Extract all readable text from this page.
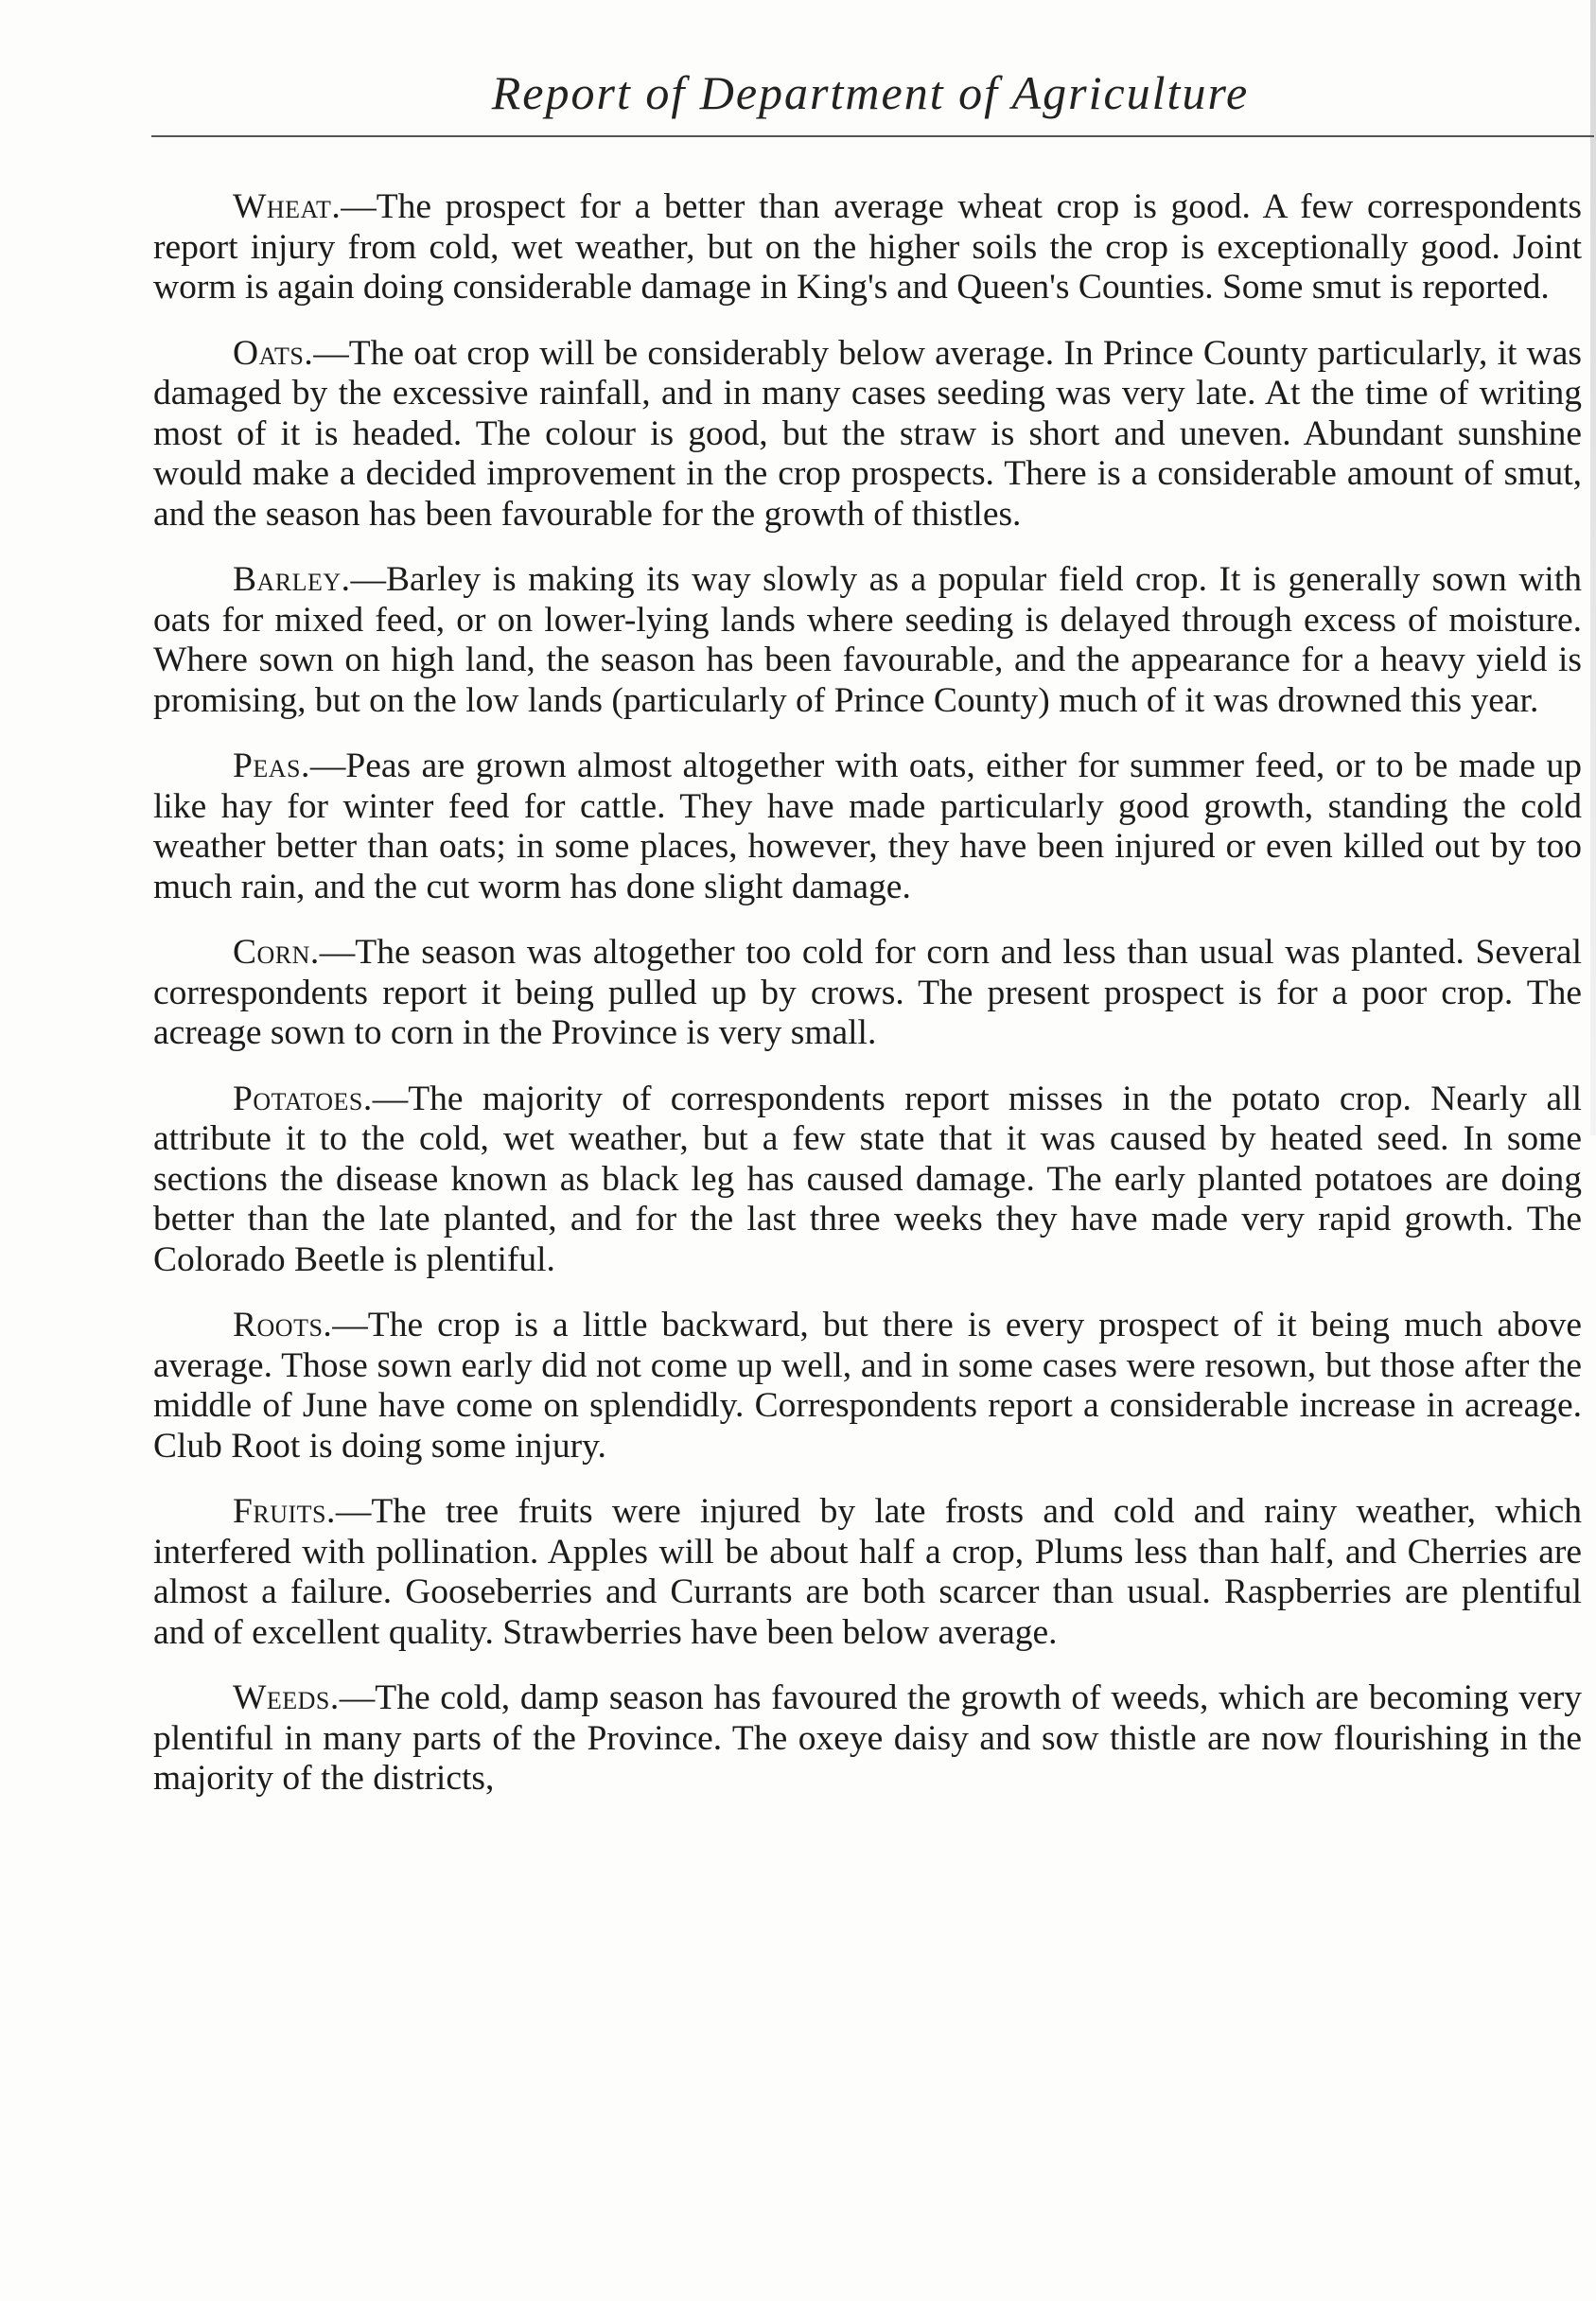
Report of Department of Agriculture

Wheat.—The prospect for a better than average wheat crop is good. A few correspondents report injury from cold, wet weather, but on the higher soils the crop is exceptionally good. Joint worm is again doing considerable damage in King's and Queen's Counties. Some smut is reported.

Oats.—The oat crop will be considerably below average. In Prince County particularly, it was damaged by the excessive rainfall, and in many cases seeding was very late. At the time of writing most of it is headed. The colour is good, but the straw is short and uneven. Abundant sunshine would make a decided improvement in the crop prospects. There is a considerable amount of smut, and the season has been favourable for the growth of thistles.

Barley.—Barley is making its way slowly as a popular field crop. It is generally sown with oats for mixed feed, or on lower-lying lands where seeding is delayed through excess of moisture. Where sown on high land, the season has been favourable, and the appearance for a heavy yield is promising, but on the low lands (particularly of Prince County) much of it was drowned this year.

Peas.—Peas are grown almost altogether with oats, either for summer feed, or to be made up like hay for winter feed for cattle. They have made particularly good growth, standing the cold weather better than oats; in some places, however, they have been injured or even killed out by too much rain, and the cut worm has done slight damage.

Corn.—The season was altogether too cold for corn and less than usual was planted. Several correspondents report it being pulled up by crows. The present prospect is for a poor crop. The acreage sown to corn in the Province is very small.

Potatoes.—The majority of correspondents report misses in the potato crop. Nearly all attribute it to the cold, wet weather, but a few state that it was caused by heated seed. In some sections the disease known as black leg has caused damage. The early planted potatoes are doing better than the late planted, and for the last three weeks they have made very rapid growth. The Colorado Beetle is plentiful.

Roots.—The crop is a little backward, but there is every prospect of it being much above average. Those sown early did not come up well, and in some cases were resown, but those after the middle of June have come on splendidly. Correspondents report a considerable increase in acreage. Club Root is doing some injury.

Fruits.—The tree fruits were injured by late frosts and cold and rainy weather, which interfered with pollination. Apples will be about half a crop, Plums less than half, and Cherries are almost a failure. Gooseberries and Currants are both scarcer than usual. Raspberries are plentiful and of excellent quality. Strawberries have been below average.

Weeds.—The cold, damp season has favoured the growth of weeds, which are becoming very plentiful in many parts of the Province. The oxeye daisy and sow thistle are now flourishing in the majority of the districts,
